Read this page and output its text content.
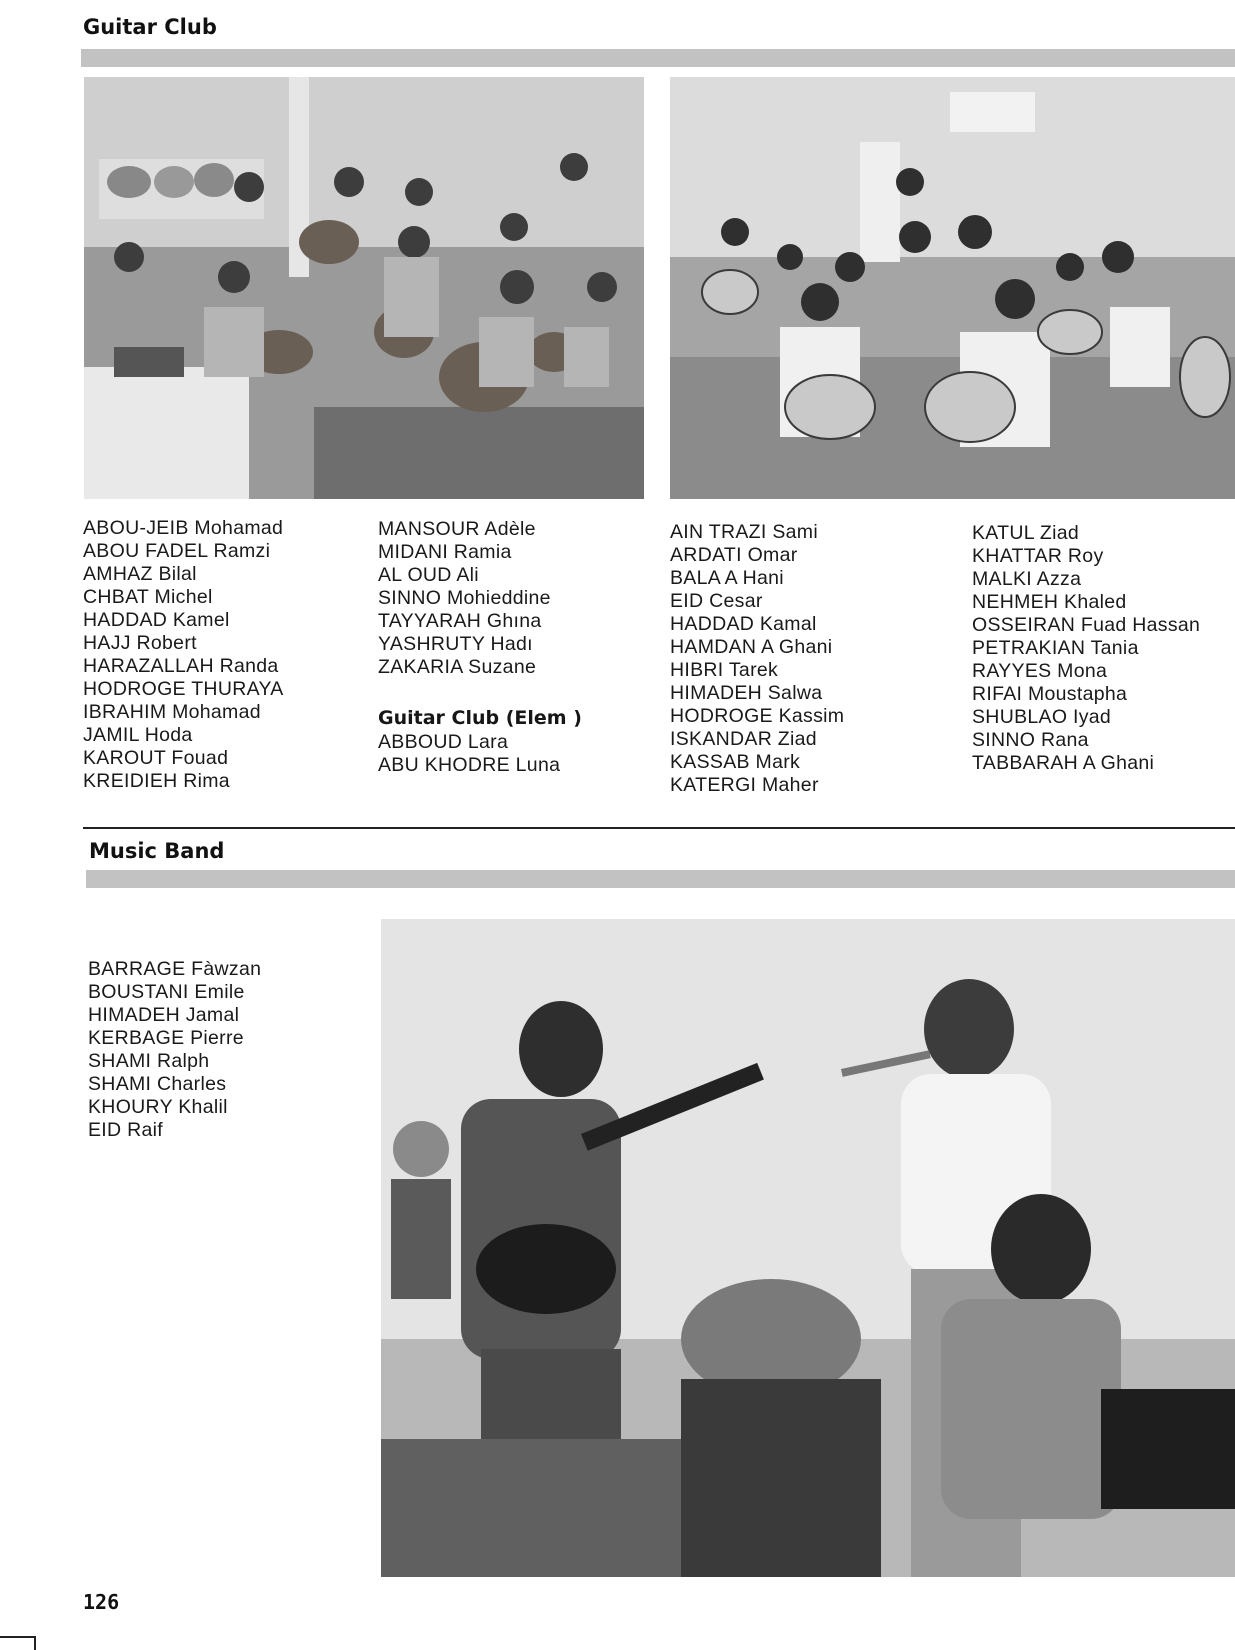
Guitar Club
ABOU-JEIB Mohamad
ABOU FADEL Ramzi
AMHAZ Bilal
CHBAT Michel
HADDAD Kamel
HAJJ Robert
HARAZALLAH Randa
HODROGE THURAYA
IBRAHIM Mohamad
JAMIL Hoda
KAROUT Fouad
KREIDIEH Rima
MANSOUR Adèle
MIDANI Ramia
AL OUD Ali
SINNO Mohieddine
TAYYARAH Ghına
YASHRUTY Hadı
ZAKARIA Suzane
Guitar Club (Elem )
ABBOUD Lara
ABU KHODRE Luna
AIN TRAZI Sami
ARDATI Omar
BALA A Hani
EID Cesar
HADDAD Kamal
HAMDAN A Ghani
HIBRI Tarek
HIMADEH Salwa
HODROGE Kassim
ISKANDAR Ziad
KASSAB Mark
KATERGI Maher
KATUL Ziad
KHATTAR Roy
MALKI Azza
NEHMEH Khaled
OSSEIRAN Fuad Hassan
PETRAKIAN Tania
RAYYES Mona
RIFAI Moustapha
SHUBLAO Iyad
SINNO Rana
TABBARAH A Ghani
Music Band
BARRAGE Fàwzan
BOUSTANI Emile
HIMADEH Jamal
KERBAGE Pierre
SHAMI Ralph
SHAMI Charles
KHOURY Khalil
EID Raif
126
